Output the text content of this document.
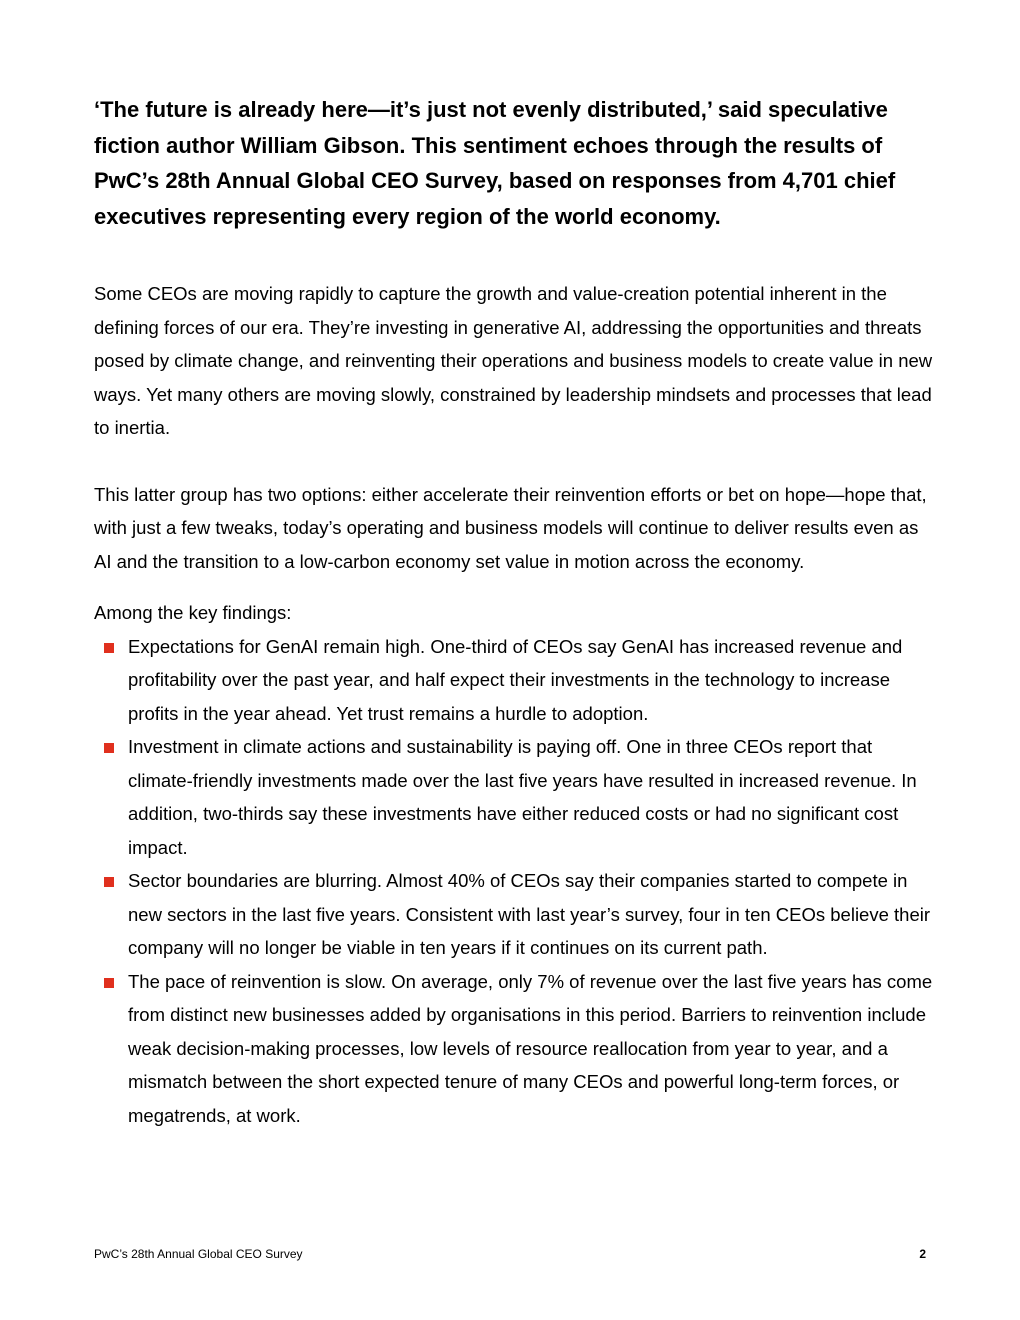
‘The future is already here—it’s just not evenly distributed,’ said speculative fiction author William Gibson. This sentiment echoes through the results of PwC’s 28th Annual Global CEO Survey, based on responses from 4,701 chief executives representing every region of the world economy.

Some CEOs are moving rapidly to capture the growth and value-creation potential inherent in the defining forces of our era. They’re investing in generative AI, addressing the opportunities and threats posed by climate change, and reinventing their operations and business models to create value in new ways. Yet many others are moving slowly, constrained by leadership mindsets and processes that lead to inertia.

This latter group has two options: either accelerate their reinvention efforts or bet on hope—hope that, with just a few tweaks, today’s operating and business models will continue to deliver results even as AI and the transition to a low-carbon economy set value in motion across the economy.

Among the key findings:

Expectations for GenAI remain high. One-third of CEOs say GenAI has increased revenue and profitability over the past year, and half expect their investments in the technology to increase profits in the year ahead. Yet trust remains a hurdle to adoption.
Investment in climate actions and sustainability is paying off. One in three CEOs report that climate-friendly investments made over the last five years have resulted in increased revenue. In addition, two-thirds say these investments have either reduced costs or had no significant cost impact.
Sector boundaries are blurring. Almost 40% of CEOs say their companies started to compete in new sectors in the last five years. Consistent with last year’s survey, four in ten CEOs believe their company will no longer be viable in ten years if it continues on its current path.
The pace of reinvention is slow. On average, only 7% of revenue over the last five years has come from distinct new businesses added by organisations in this period. Barriers to reinvention include weak decision-making processes, low levels of resource reallocation from year to year, and a mismatch between the short expected tenure of many CEOs and powerful long-term forces, or megatrends, at work.
PwC’s 28th Annual Global CEO Survey	2
